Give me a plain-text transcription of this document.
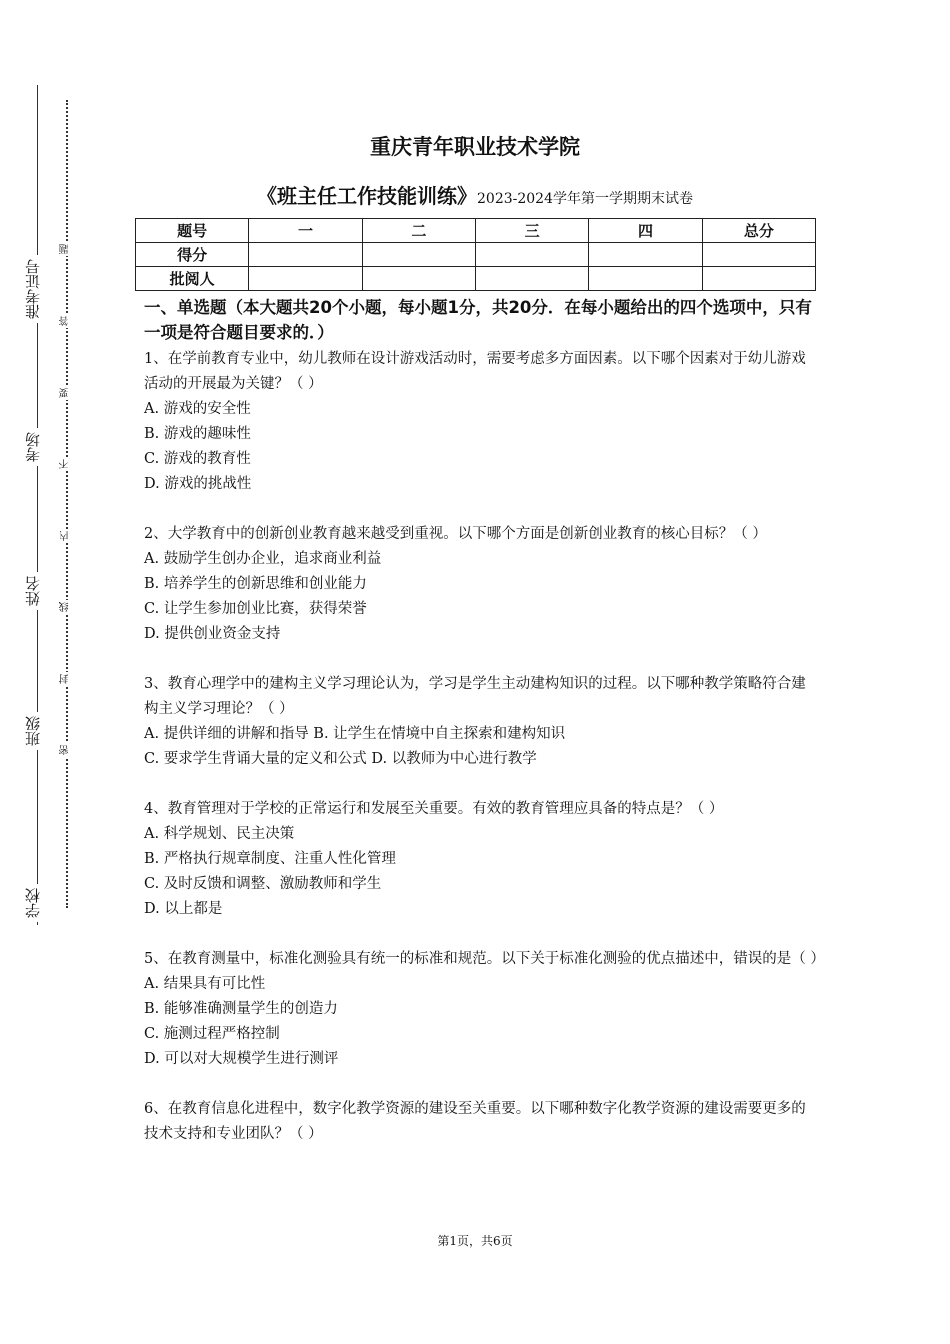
准考证号
考场
姓名
班级
学校
题
答
要
不
内
线
封
密
重庆青年职业技术学院
《班主任工作技能训练》2023-2024学年第一学期期末试卷
题号	一	二	三	四	总分
得分					
批阅人					

一、单选题（本大题共20个小题，每小题1分，共20分．在每小题给出的四个选项中，只有一项是符合题目要求的．）

1、在学前教育专业中，幼儿教师在设计游戏活动时，需要考虑多方面因素。以下哪个因素对于幼儿游戏活动的开展最为关键？（ ）

A. 游戏的安全性

B. 游戏的趣味性

C. 游戏的教育性

D. 游戏的挑战性

2、大学教育中的创新创业教育越来越受到重视。以下哪个方面是创新创业教育的核心目标？（ ）

A. 鼓励学生创办企业，追求商业利益

B. 培养学生的创新思维和创业能力

C. 让学生参加创业比赛，获得荣誉

D. 提供创业资金支持

3、教育心理学中的建构主义学习理论认为，学习是学生主动建构知识的过程。以下哪种教学策略符合建构主义学习理论？（ ）

A. 提供详细的讲解和指导 B. 让学生在情境中自主探索和建构知识

C. 要求学生背诵大量的定义和公式 D. 以教师为中心进行教学

4、教育管理对于学校的正常运行和发展至关重要。有效的教育管理应具备的特点是？（ ）

A. 科学规划、民主决策

B. 严格执行规章制度、注重人性化管理

C. 及时反馈和调整、激励教师和学生

D. 以上都是

5、在教育测量中，标准化测验具有统一的标准和规范。以下关于标准化测验的优点描述中，错误的是（ ）

A. 结果具有可比性

B. 能够准确测量学生的创造力

C. 施测过程严格控制

D. 可以对大规模学生进行测评

6、在教育信息化进程中，数字化教学资源的建设至关重要。以下哪种数字化教学资源的建设需要更多的技术支持和专业团队？（ ）

第1页，共6页
